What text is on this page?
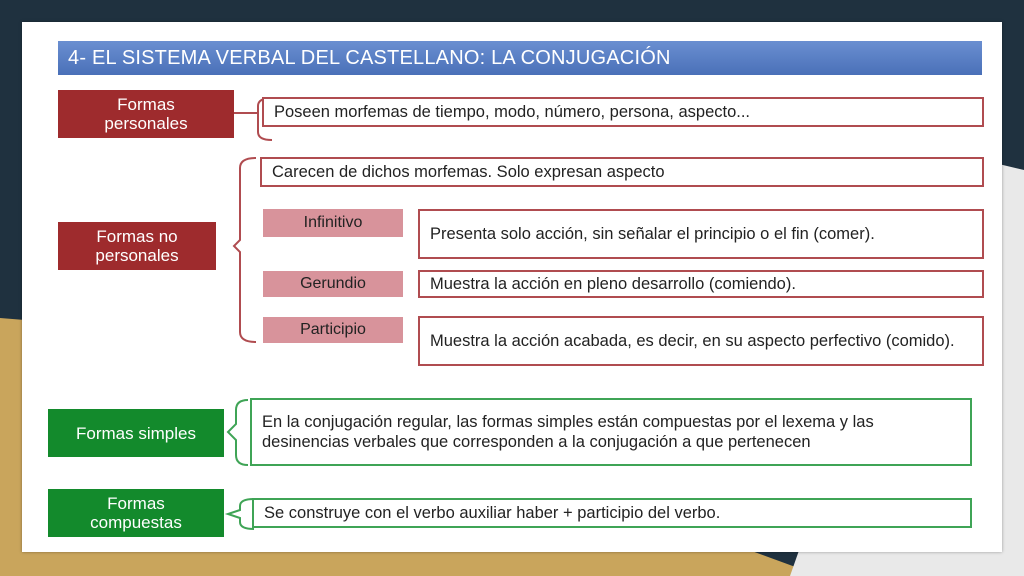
4- EL SISTEMA VERBAL DEL CASTELLANO: LA CONJUGACIÓN
Formas
personales
Poseen morfemas de tiempo, modo, número, persona, aspecto...
Formas no
personales
Carecen de dichos morfemas. Solo expresan aspecto
Infinitivo
Presenta solo acción, sin señalar el principio o el fin (comer).
Gerundio	Muestra la acción en pleno desarrollo (comiendo).
Participio
Muestra la acción acabada, es decir, en su aspecto perfectivo (comido).
Formas simples
En la conjugación regular, las formas simples están compuestas por el lexema y las desinencias verbales que corresponden a la conjugación a que pertenecen
Formas
compuestas	Se construye con el verbo auxiliar haber + participio del verbo.
